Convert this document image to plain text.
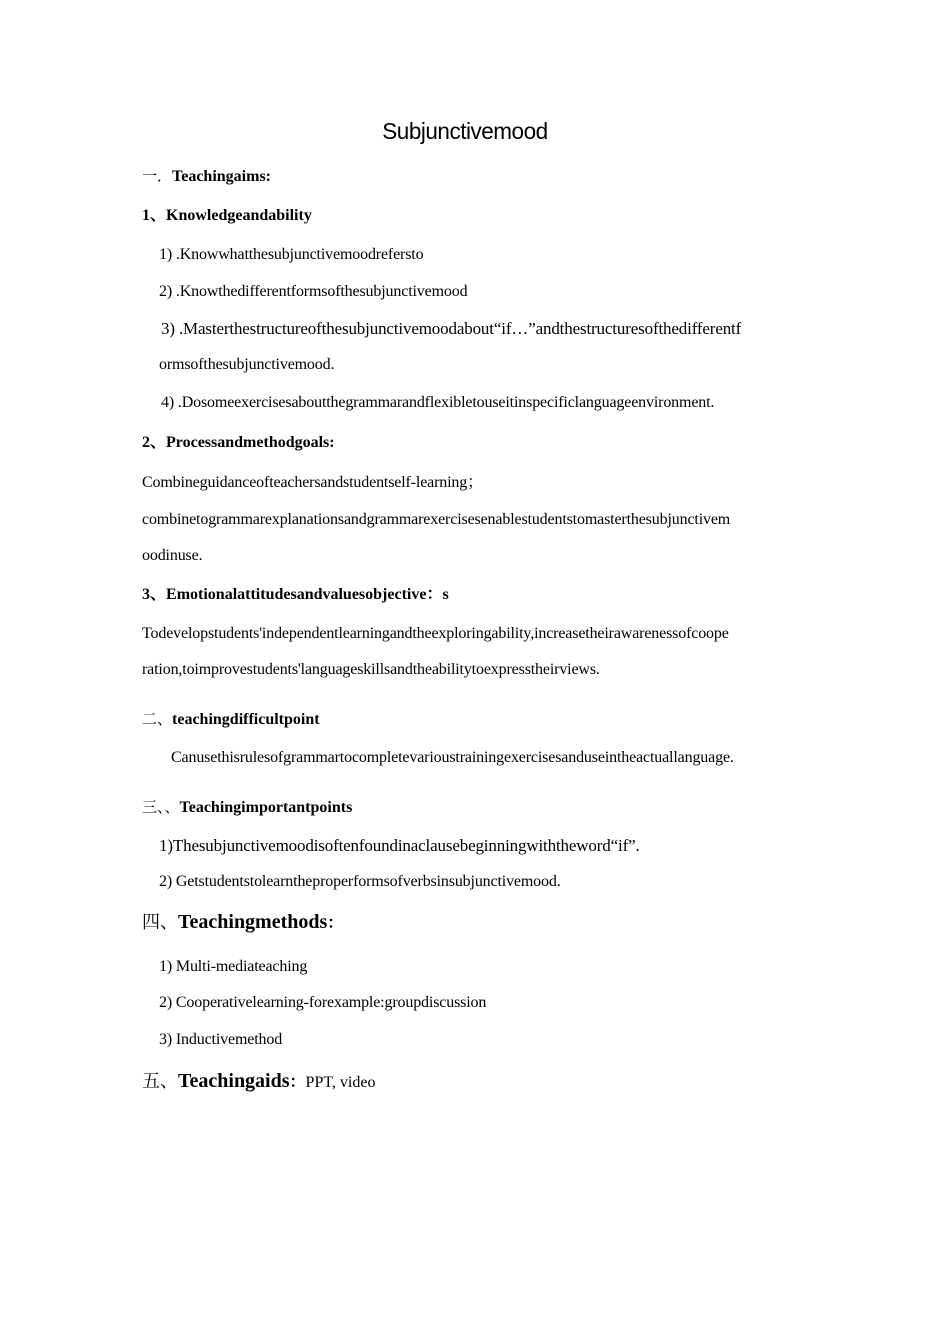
Subjunctivemood
一．Teachingaims:
1、Knowledgeandability
1) .Knowwhatthesubjunctivemoodrefersto
2) .Knowthedifferentformsofthesubjunctivemood
3) .Masterthestructureofthesubjunctivemoodabout“if…”andthestructuresofthedifferentf
ormsofthesubjunctivemood.
4) .Dosomeexercisesaboutthegrammarandflexibletouseitinspecificlanguageenvironment.
2、Processandmethodgoals:
Combineguidanceofteachersandstudentself-learning；
combinetogrammarexplanationsandgrammarexercisesenablestudentstomasterthesubjunctivem
oodinuse.
3、Emotionalattitudesandvaluesobjective：s
Todevelopstudents'independentlearningandtheexploringability,increasetheirawarenessofcoope
ration,toimprovestudents'languageskillsandtheabilitytoexpresstheirviews.
二、teachingdifficultpoint
Canusethisrulesofgrammartocompletevarioustrainingexercisesanduseintheactuallanguage.
三、、Teachingimportantpoints
1)Thesubjunctivemoodisoftenfoundinaclausebeginningwiththeword“if”.
2) Getstudentstolearntheproperformsofverbsinsubjunctivemood.
四、Teachingmethods：
1) Multi-mediateaching
2) Cooperativelearning-forexample:groupdiscussion
3) Inductivemethod
五、Teachingaids：PPT, video
